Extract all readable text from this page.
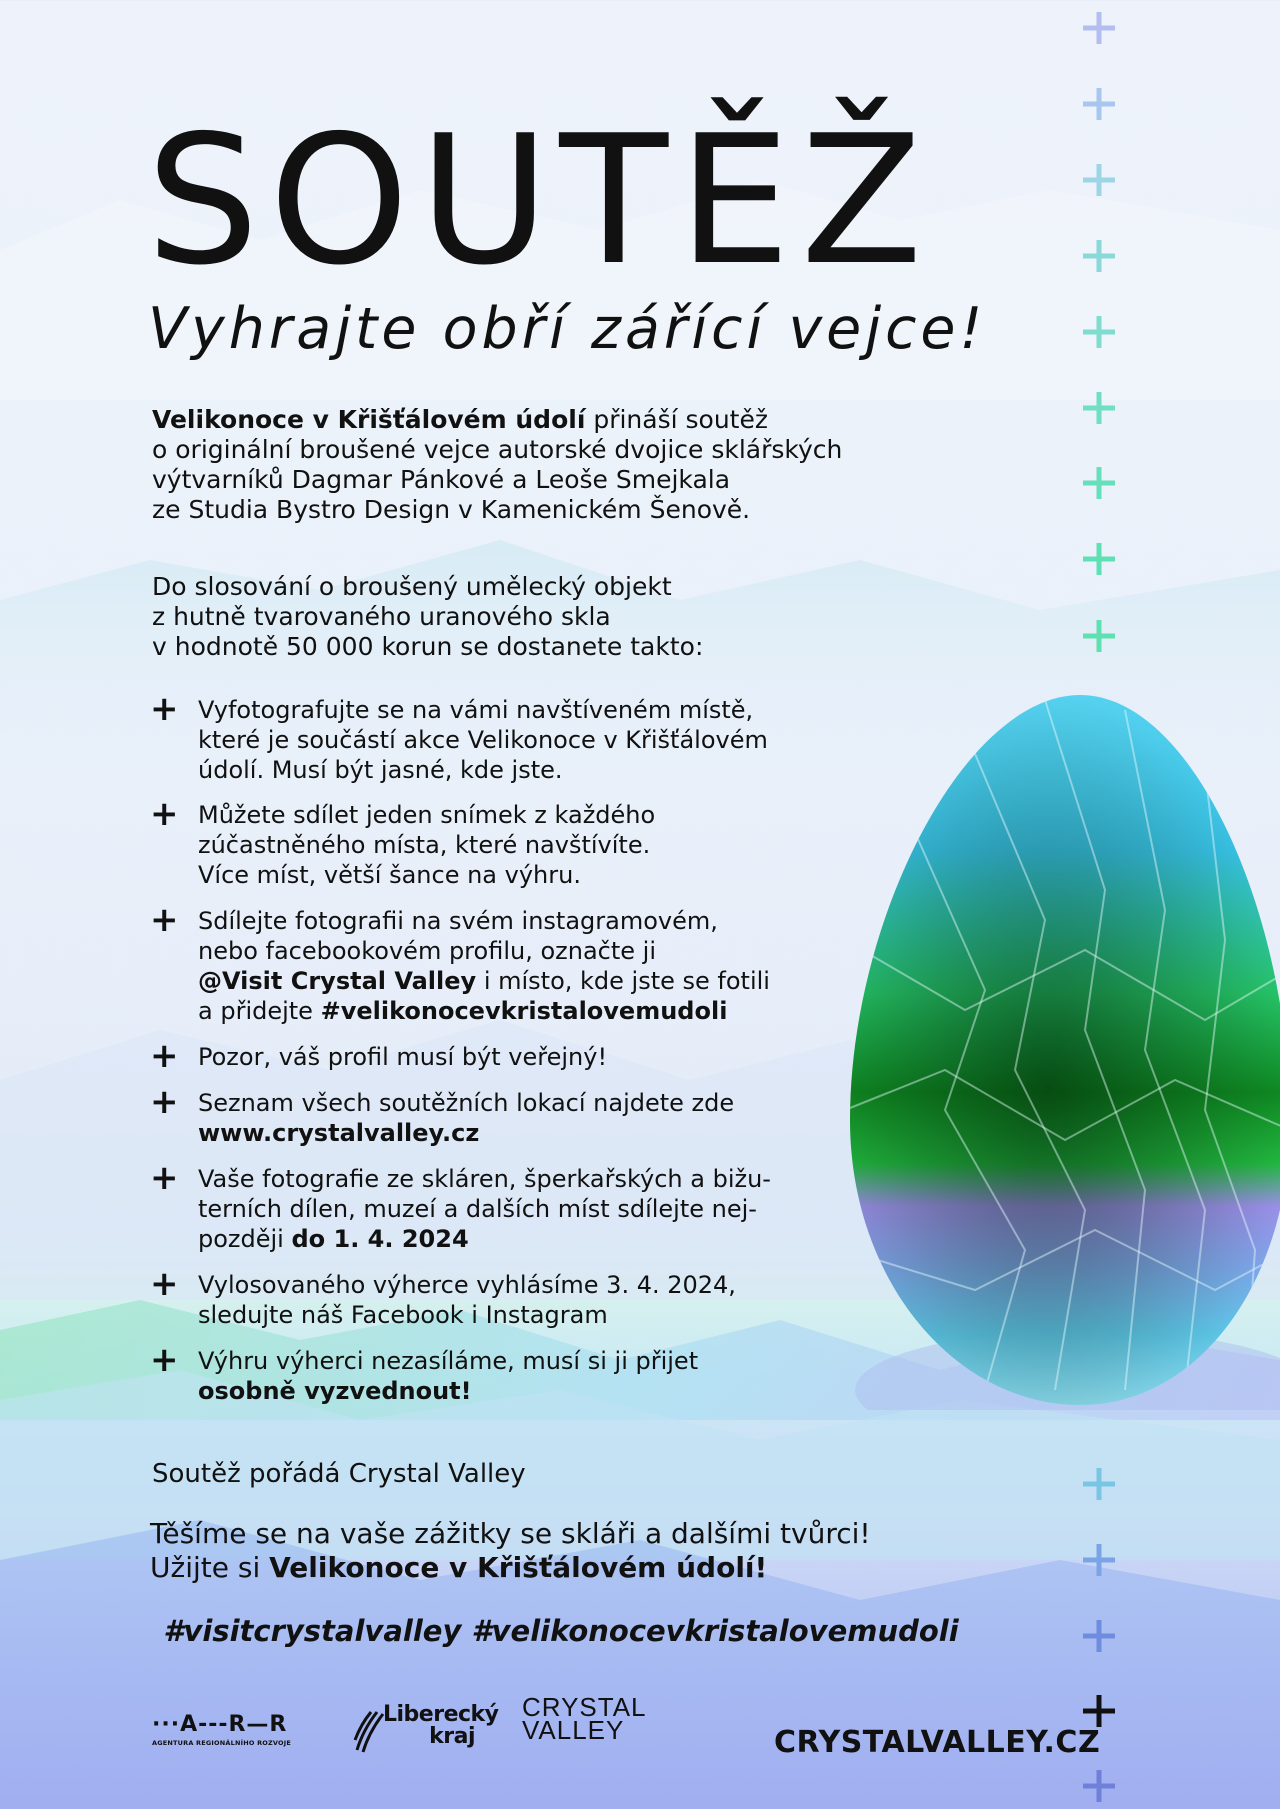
SOUTĚŽ
Vyhrajte obří zářící vejce!
Velikonoce v Křišťálovém údolí přináší soutěž
o originální broušené vejce autorské dvojice sklářských
výtvarníků Dagmar Pánkové a Leoše Smejkala
ze Studia Bystro Design v Kamenickém Šenově.
Do slosování o broušený umělecký objekt
z hutně tvarovaného uranového skla
v hodnotě 50 000 korun se dostanete takto:
+ Vyfotografujte se na vámi navštíveném místě,
které je součástí akce Velikonoce v Křišťálovém
údolí. Musí být jasné, kde jste.
+ Můžete sdílet jeden snímek z každého
zúčastněného místa, které navštívíte.
Více míst, větší šance na výhru.
+ Sdílejte fotografii na svém instagramovém,
nebo facebookovém profilu, označte ji
@Visit Crystal Valley i místo, kde jste se fotili
a přidejte #velikonocevkristalovemudoli
+ Pozor, váš profil musí být veřejný!
+ Seznam všech soutěžních lokací najdete zde
www.crystalvalley.cz
+ Vaše fotografie ze skláren, šperkařských a bižu-
terních dílen, muzeí a dalších míst sdílejte nej-
později do 1. 4. 2024
+ Vylosovaného výherce vyhlásíme 3. 4. 2024,
sledujte náš Facebook i Instagram
+ Výhru výherci nezasíláme, musí si ji přijet
osobně vyzvednout!
Soutěž pořádá Crystal Valley
Těšíme se na vaše zážitky se skláři a dalšími tvůrci!
Užijte si Velikonoce v Křišťálovém údolí!
#visitcrystalvalley #velikonocevkristalovemudoli
···A---R—R
AGENTURA REGIONÁLNÍHO ROZVOJE
Liberecký
kraj
CRYSTAL
VALLEY	CRYSTALVALLEY.CZ
